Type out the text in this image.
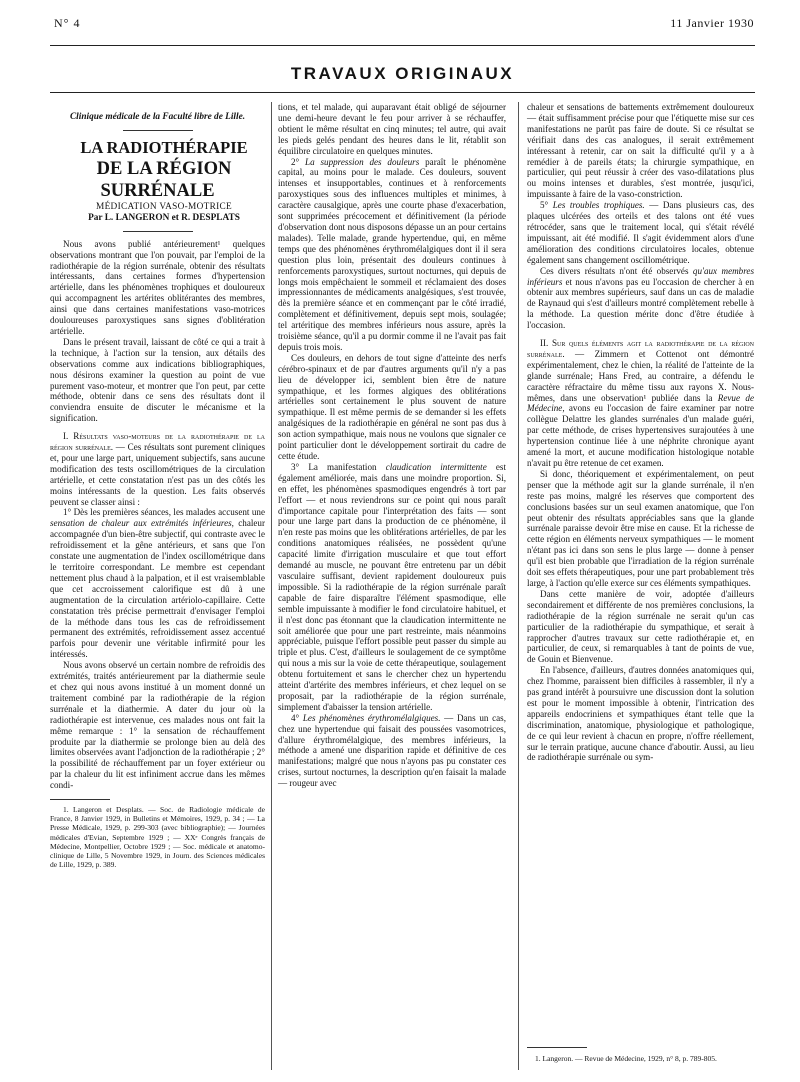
N° 4	11 Janvier 1930
TRAVAUX ORIGINAUX

Clinique médicale de la Faculté libre de Lille.

LA RADIOTHÉRAPIE

DE LA RÉGION SURRÉNALE

MÉDICATION VASO-MOTRICE

Par L. LANGERON et R. DESPLATS

Nous avons publié antérieurement¹ quelques observations montrant que l'on pouvait, par l'emploi de la radiothérapie de la région surrénale, obtenir des résultats intéressants, dans certaines formes d'hypertension artérielle, dans les phénomènes trophiques et douloureux qui accompagnent les artérites oblitérantes des membres, ainsi que dans certaines manifestations vaso-motrices douloureuses paroxystiques sans signes d'oblitération artérielle.

Dans le présent travail, laissant de côté ce qui a trait à la technique, à l'action sur la tension, aux détails des observations comme aux indications bibliographiques, nous désirons examiner la question au point de vue purement vaso-moteur, et montrer que l'on peut, par cette méthode, obtenir dans ce sens des résultats dont il conviendra ensuite de discuter le mécanisme et la signification.

I. Résultats vaso-moteurs de la radiothérapie de la région surrénale. — Ces résultats sont purement cliniques et, pour une large part, uniquement subjectifs, sans aucune modification des tests oscillométriques de la circulation artérielle, et cette constatation n'est pas un des côtés les moins intéressants de la question. Les faits observés peuvent se classer ainsi :

1° Dès les premières séances, les malades accusent une sensation de chaleur aux extrémités inférieures, chaleur accompagnée d'un bien-être subjectif, qui contraste avec le refroidissement et la gêne antérieurs, et sans que l'on constate une augmentation de l'index oscillométrique dans le territoire correspondant. Le membre est cependant nettement plus chaud à la palpation, et il est vraisemblable que cet accroissement calorifique est dû à une augmentation de la circulation artériolo-capillaire. Cette constatation très précise permettrait d'envisager l'emploi de la méthode dans tous les cas de refroidissement permanent des extrémités, refroidissement assez accentué parfois pour devenir une véritable infirmité pour les intéressés.

Nous avons observé un certain nombre de refroidis des extrémités, traités antérieurement par la diathermie seule et chez qui nous avons institué à un moment donné un traitement combiné par la radiothérapie de la région surrénale et la diathermie. A dater du jour où la radiothérapie est intervenue, ces malades nous ont fait la même remarque : 1° la sensation de réchauffement produite par la diathermie se prolonge bien au delà des limites observées avant l'adjonction de la radiothérapie ; 2° la possibilité de réchauffement par un foyer extérieur ou par la chaleur du lit est infiniment accrue dans les mêmes condi-

1. Langeron et Desplats. — Soc. de Radiologie médicale de France, 8 Janvier 1929, in Bulletins et Mémoires, 1929, p. 34 ; — La Presse Médicale, 1929, p. 299-303 (avec bibliographie); — Journées médicales d'Evian, Septembre 1929 ; — XXᵉ Congrès français de Médecine, Montpellier, Octobre 1929 ; — Soc. médicale et anatomo-clinique de Lille, 5 Novembre 1929, in Journ. des Sciences médicales de Lille, 1929, p. 389.

tions, et tel malade, qui auparavant était obligé de séjourner une demi-heure devant le feu pour arriver à se réchauffer, obtient le même résultat en cinq minutes; tel autre, qui avait les pieds gelés pendant des heures dans le lit, rétablit son équilibre circulatoire en quelques minutes.

2° La suppression des douleurs paraît le phénomène capital, au moins pour le malade. Ces douleurs, souvent intenses et insupportables, continues et à renforcements paroxystiques sous des influences multiples et minimes, à caractère causalgique, après une courte phase d'exacerbation, sont supprimées précocement et définitivement (la période d'observation dont nous disposons dépasse un an pour certains malades). Telle malade, grande hypertendue, qui, en même temps que des phénomènes érythromélalgiques dont il il sera question plus loin, présentait des douleurs continues à renforcements paroxystiques, surtout nocturnes, qui depuis de longs mois empêchaient le sommeil et réclamaient des doses impressionnantes de médicaments analgésiques, s'est trouvée, dès la première séance et en commençant par le côté irradié, complètement et définitivement, depuis sept mois, soulagée; tel artéritique des membres inférieurs nous assure, après la troisième séance, qu'il a pu dormir comme il ne l'avait pas fait depuis trois mois.

Ces douleurs, en dehors de tout signe d'atteinte des nerfs cérébro-spinaux et de par d'autres arguments qu'il n'y a pas lieu de développer ici, semblent bien être de nature sympathique, et les formes algiques des oblitérations artérielles sont certainement le plus souvent de nature sympathique. Il est même permis de se demander si les effets analgésiques de la radiothérapie en général ne sont pas dus à son action sympathique, mais nous ne voulons que signaler ce point particulier dont le développement sortirait du cadre de cette étude.

3° La manifestation claudication intermittente est également améliorée, mais dans une moindre proportion. Si, en effet, les phénomènes spasmodiques engendrés à tort par l'effort — et nous reviendrons sur ce point qui nous paraît d'importance capitale pour l'interprétation des faits — sont pour une large part dans la production de ce phénomène, il n'en reste pas moins que les oblitérations artérielles, de par les conditions anatomiques réalisées, ne possèdent qu'une capacité limite d'irrigation musculaire et que tout effort demandé au muscle, ne pouvant être entretenu par un débit vasculaire suffisant, devient rapidement douloureux puis impossible. Si la radiothérapie de la région surrénale paraît capable de faire disparaître l'élément spasmodique, elle semble impuissante à modifier le fond circulatoire habituel, et il n'est donc pas étonnant que la claudication intermittente ne soit améliorée que pour une part restreinte, mais néanmoins appréciable, puisque l'effort possible peut passer du simple au triple et plus. C'est, d'ailleurs le soulagement de ce symptôme qui nous a mis sur la voie de cette thérapeutique, soulagement obtenu fortuitement et sans le chercher chez un hypertendu atteint d'artérite des membres inférieurs, et chez lequel on se proposait, par la radiothérapie de la région surrénale, simplement d'abaisser la tension artérielle.

4° Les phénomènes érythromélalgiques. — Dans un cas, chez une hypertendue qui faisait des poussées vasomotrices, d'allure érythromélalgique, des membres inférieurs, la méthode a amené une disparition rapide et définitive de ces manifestations; malgré que nous n'ayons pas pu constater ces crises, surtout nocturnes, la description qu'en faisait la malade — rougeur avec

chaleur et sensations de battements extrêmement douloureux — était suffisamment précise pour que l'étiquette mise sur ces manifestations ne parût pas faire de doute. Si ce résultat se vérifiait dans des cas analogues, il serait extrêmement intéressant à retenir, car on sait la difficulté qu'il y a à remédier à de pareils états; la chirurgie sympathique, en particulier, qui peut réussir à créer des vaso-dilatations plus ou moins intenses et durables, s'est montrée, jusqu'ici, impuissante à faire de la vaso-constriction.

5° Les troubles trophiques. — Dans plusieurs cas, des plaques ulcérées des orteils et des talons ont été vues rétrocéder, sans que le traitement local, qui s'était révélé impuissant, ait été modifié. Il s'agit évidemment alors d'une amélioration des conditions circulatoires locales, obtenue également sans changement oscillométrique.

Ces divers résultats n'ont été observés qu'aux membres inférieurs et nous n'avons pas eu l'occasion de chercher à en obtenir aux membres supérieurs, sauf dans un cas de maladie de Raynaud qui s'est d'ailleurs montré complètement rebelle à la méthode. La question mérite donc d'être étudiée à l'occasion.

II. Sur quels éléments agit la radiothérapie de la région surrénale. — Zimmern et Cottenot ont démontré expérimentalement, chez le chien, la réalité de l'atteinte de la glande surrénale; Hans Fred, au contraire, a défendu le caractère réfractaire du même tissu aux rayons X. Nous-mêmes, dans une observation¹ publiée dans la Revue de Médecine, avons eu l'occasion de faire examiner par notre collègue Delattre les glandes surrénales d'un malade guéri, par cette méthode, de crises hypertensives surajoutées à une hypertension continue liée à une néphrite chronique ayant amené la mort, et aucune modification histologique notable n'avait pu être retenue de cet examen.

Si donc, théoriquement et expérimentalement, on peut penser que la méthode agit sur la glande surrénale, il n'en reste pas moins, malgré les réserves que comportent des conclusions basées sur un seul examen anatomique, que l'on peut obtenir des résultats appréciables sans que la glande surrénale paraisse devoir être mise en cause. Et la richesse de cette région en éléments nerveux sympathiques — le moment n'étant pas ici dans son sens le plus large — donne à penser qu'il est bien probable que l'irradiation de la région surrénale doit ses effets thérapeutiques, pour une part probablement très large, à l'action qu'elle exerce sur ces éléments sympathiques.

Dans cette manière de voir, adoptée d'ailleurs secondairement et différente de nos premières conclusions, la radiothérapie de la région surrénale ne serait qu'un cas particulier de la radiothérapie du sympathique, et serait à rapprocher d'autres travaux sur cette radiothérapie et, en particulier, de ceux, si remarquables à tant de points de vue, de Gouin et Bienvenue.

En l'absence, d'ailleurs, d'autres données anatomiques qui, chez l'homme, paraissent bien difficiles à rassembler, il n'y a pas grand intérêt à poursuivre une discussion dont la solution est pour le moment impossible à obtenir, l'intrication des appareils endocriniens et sympathiques étant telle que la discrimination, anatomique, physiologique et pathologique, de ce qui leur revient à chacun en propre, n'offre réellement, sur le terrain pratique, aucune chance d'aboutir. Aussi, au lieu de radiothérapie surrénale ou sym-

1. Langeron. — Revue de Médecine, 1929, n° 8, p. 789-805.
